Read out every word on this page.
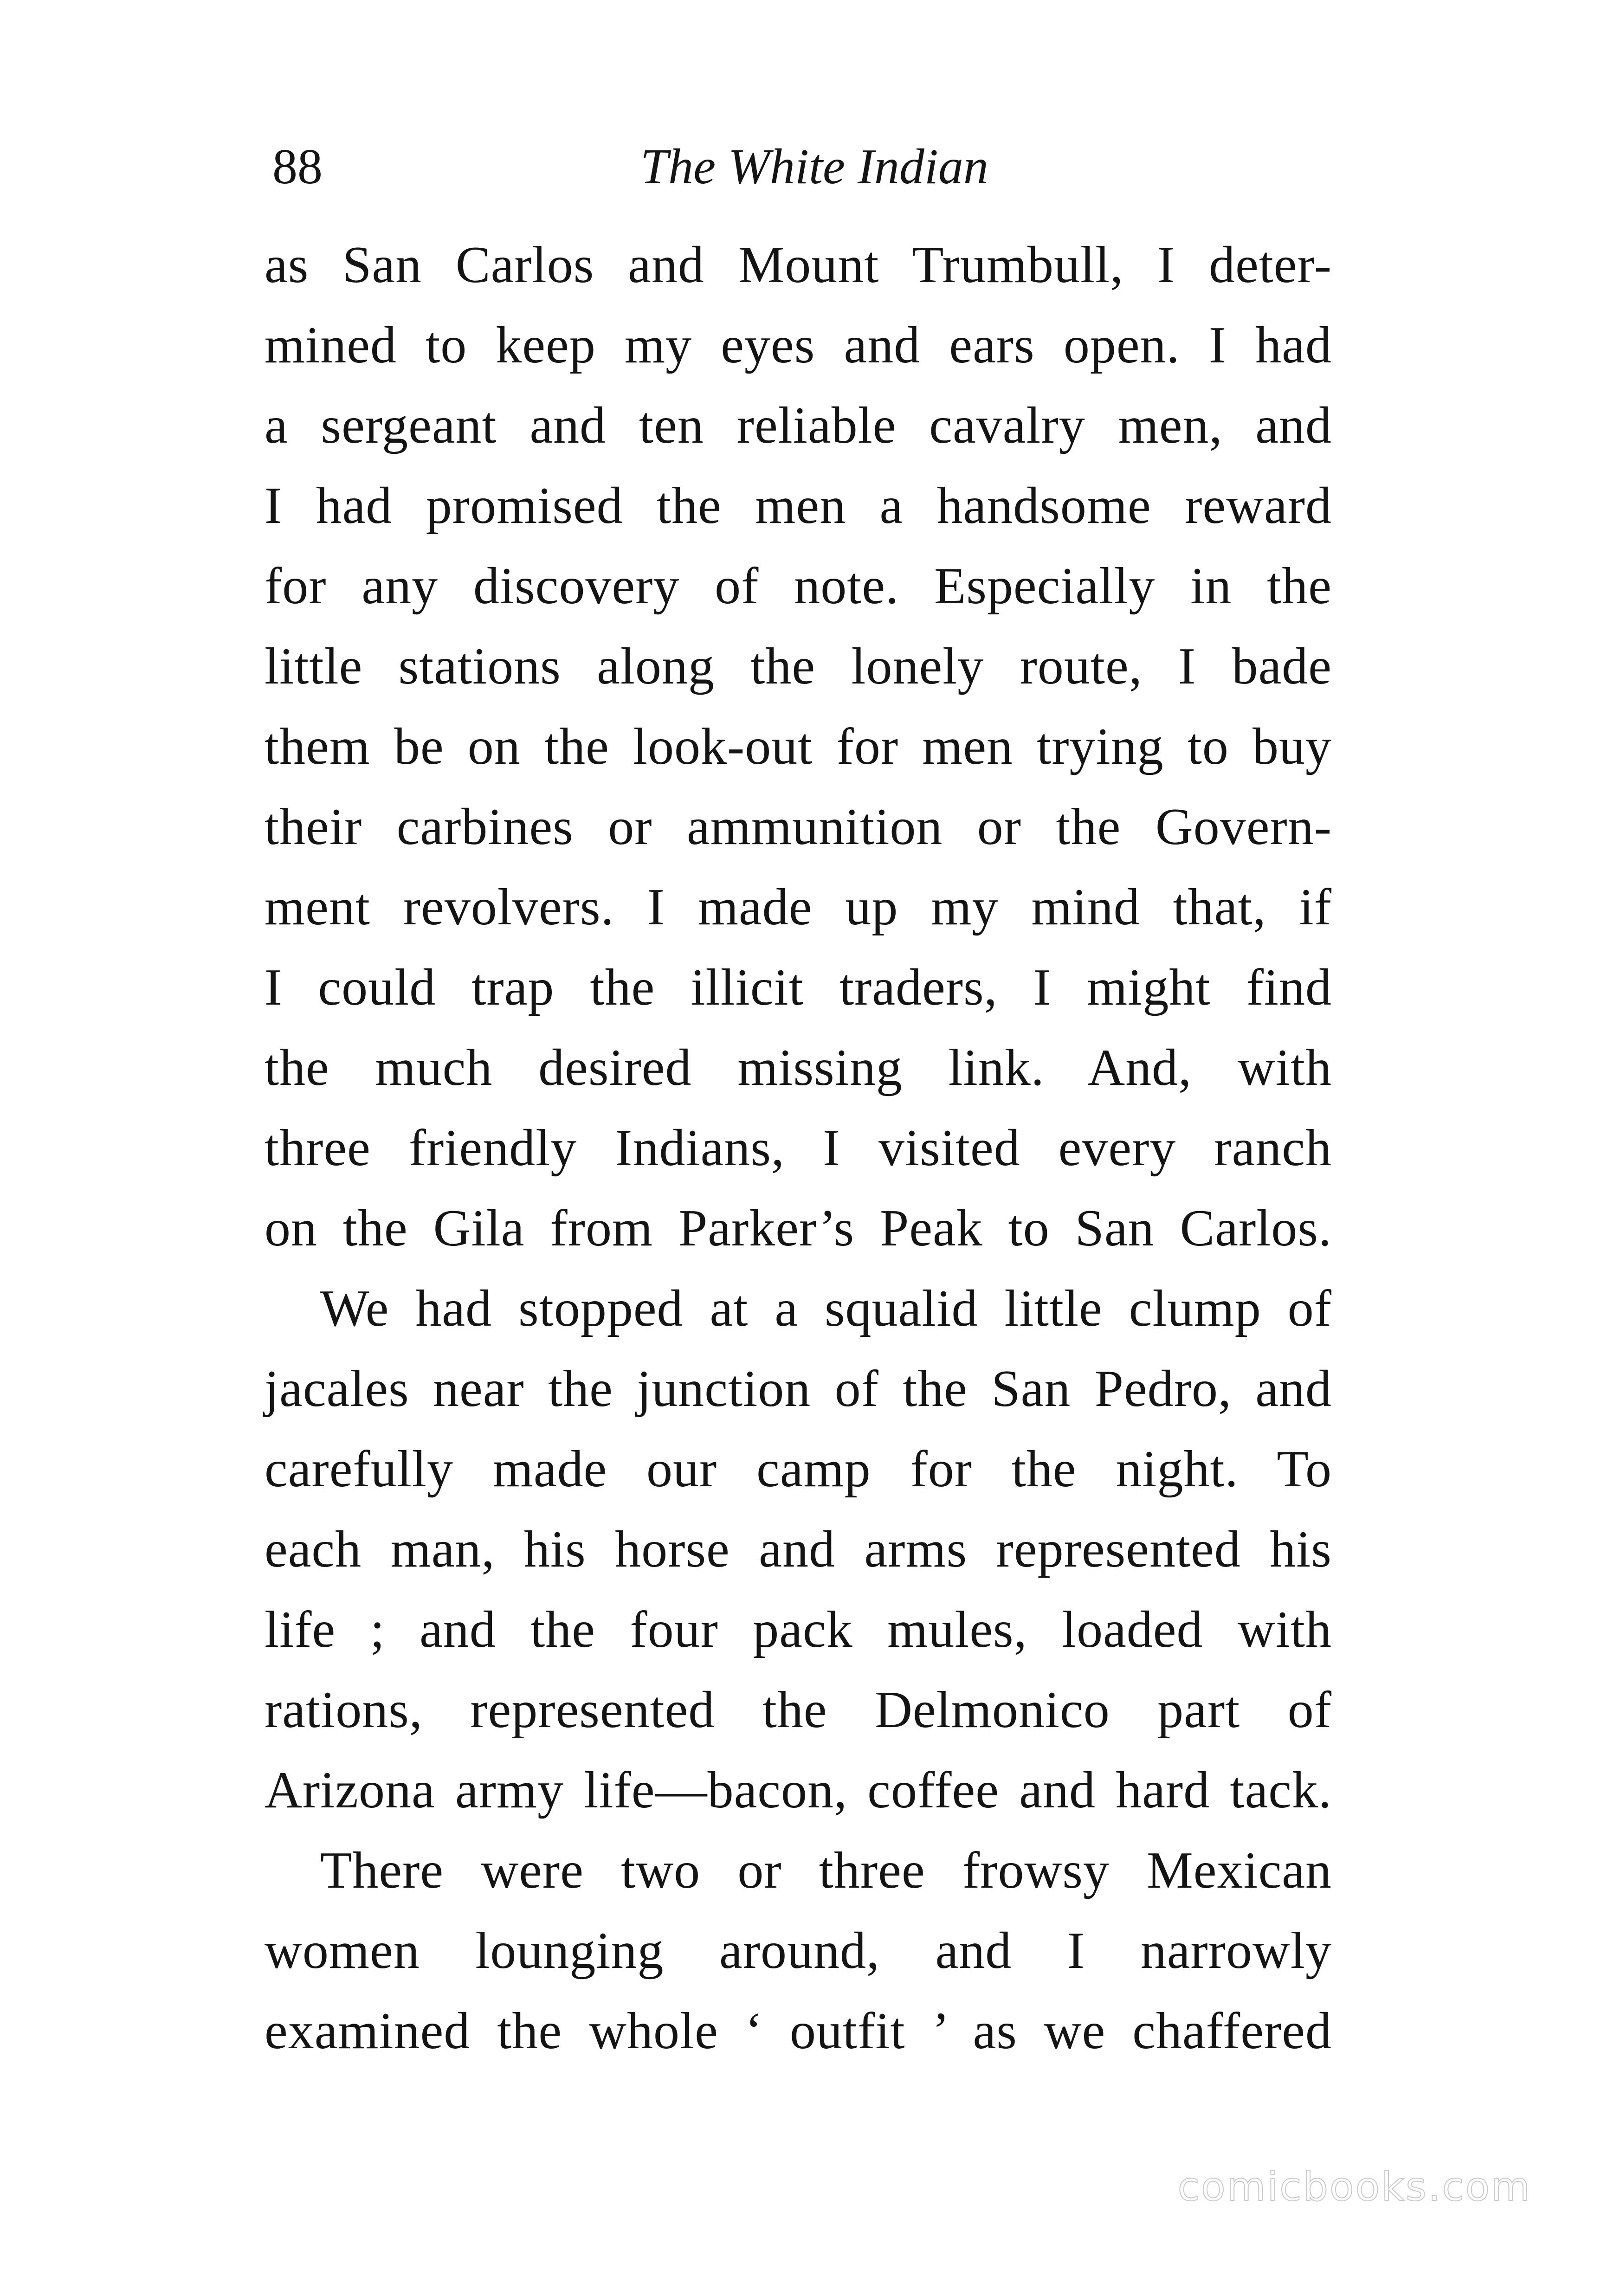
88	The White Indian
as San Carlos and Mount Trumbull, I deter-
mined to keep my eyes and ears open. I had
a sergeant and ten reliable cavalry men, and
I had promised the men a handsome reward
for any discovery of note. Especially in the
little stations along the lonely route, I bade
them be on the look-out for men trying to buy
their carbines or ammunition or the Govern-
ment revolvers. I made up my mind that, if
I could trap the illicit traders, I might find
the much desired missing link. And, with
three friendly Indians, I visited every ranch
on the Gila from Parker’s Peak to San Carlos.
We had stopped at a squalid little clump of
jacales near the junction of the San Pedro, and
carefully made our camp for the night. To
each man, his horse and arms represented his
life ; and the four pack mules, loaded with
rations, represented the Delmonico part of
Arizona army life—bacon, coffee and hard tack.
There were two or three frowsy Mexican
women lounging around, and I narrowly
examined the whole ‘ outfit ’ as we chaffered
comicbooks.com
